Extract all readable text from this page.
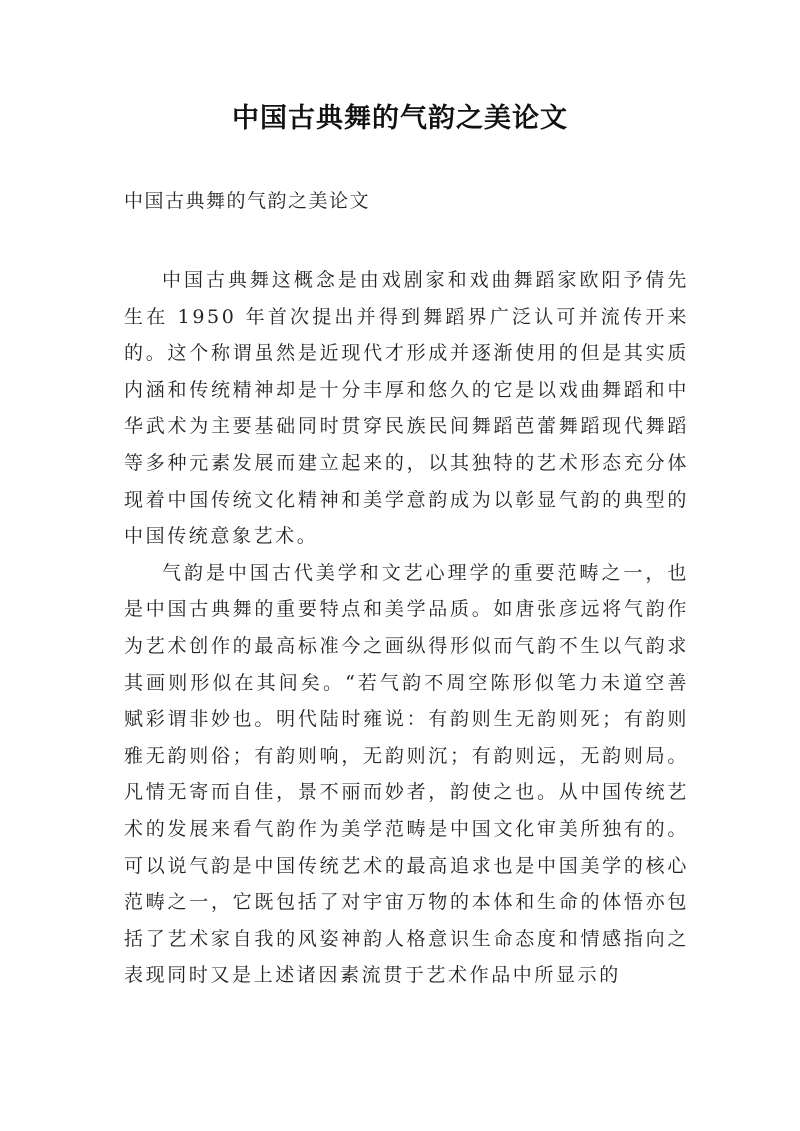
中国古典舞的气韵之美论文
中国古典舞的气韵之美论文

中国古典舞这概念是由戏剧家和戏曲舞蹈家欧阳予倩先生在 1950 年首次提出并得到舞蹈界广泛认可并流传开来的。这个称谓虽然是近现代才形成并逐渐使用的但是其实质内涵和传统精神却是十分丰厚和悠久的它是以戏曲舞蹈和中华武术为主要基础同时贯穿民族民间舞蹈芭蕾舞蹈现代舞蹈等多种元素发展而建立起来的，以其独特的艺术形态充分体现着中国传统文化精神和美学意韵成为以彰显气韵的典型的中国传统意象艺术。

气韵是中国古代美学和文艺心理学的重要范畴之一，也是中国古典舞的重要特点和美学品质。如唐张彦远将气韵作为艺术创作的最高标准今之画纵得形似而气韵不生以气韵求其画则形似在其间矣。“若气韵不周空陈形似笔力未道空善赋彩谓非妙也。明代陆时雍说：有韵则生无韵则死；有韵则雅无韵则俗；有韵则响，无韵则沉；有韵则远，无韵则局。凡情无寄而自佳，景不丽而妙者，韵使之也。从中国传统艺术的发展来看气韵作为美学范畴是中国文化审美所独有的。可以说气韵是中国传统艺术的最高追求也是中国美学的核心范畴之一，它既包括了对宇宙万物的本体和生命的体悟亦包括了艺术家自我的风姿神韵人格意识生命态度和情感指向之表现同时又是上述诸因素流贯于艺术作品中所显示的
